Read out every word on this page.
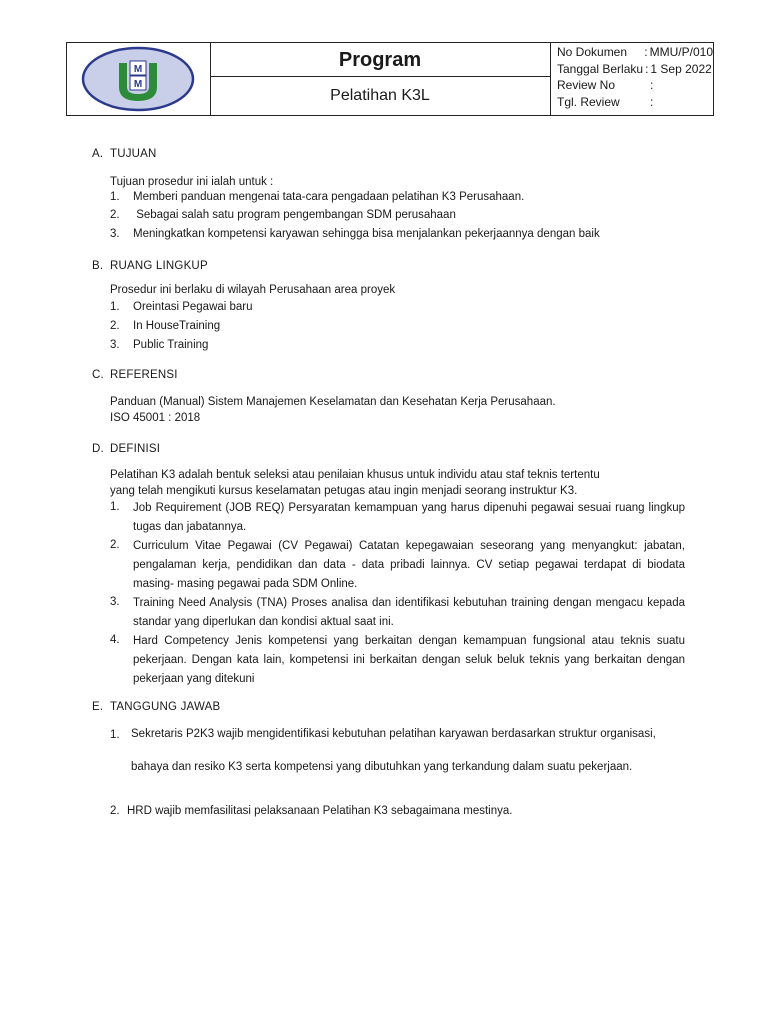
M
M
Program
Pelatihan K3L
No Dokumen	: MMU/P/010
Tanggal Berlaku : 1 Sep 2022
Review No	:
Tgl. Review	:
A. TUJUAN
Tujuan prosedur ini ialah untuk :
1. Memberi panduan mengenai tata-cara pengadaan pelatihan K3 Perusahaan.
2. Sebagai salah satu program pengembangan SDM perusahaan
3. Meningkatkan kompetensi karyawan sehingga bisa menjalankan pekerjaannya dengan baik
B. RUANG LINGKUP
Prosedur ini berlaku di wilayah Perusahaan area proyek
1. Oreintasi Pegawai baru
2. In HouseTraining
3. Public Training
C. REFERENSI
Panduan (Manual) Sistem Manajemen Keselamatan dan Kesehatan Kerja Perusahaan.
ISO 45001 : 2018
D. DEFINISI
Pelatihan K3 adalah bentuk seleksi atau penilaian khusus untuk individu atau staf teknis tertentu
yang telah mengikuti kursus keselamatan petugas atau ingin menjadi seorang instruktur K3.
1. Job Requirement (JOB REQ) Persyaratan kemampuan yang harus dipenuhi pegawai sesuai ruang lingkup tugas dan jabatannya.
2. Curriculum Vitae Pegawai (CV Pegawai) Catatan kepegawaian seseorang yang menyangkut: jabatan, pengalaman kerja, pendidikan dan data - data pribadi lainnya. CV setiap pegawai terdapat di biodata masing- masing pegawai pada SDM Online.
3. Training Need Analysis (TNA) Proses analisa dan identifikasi kebutuhan training dengan mengacu kepada standar yang diperlukan dan kondisi aktual saat ini.
4. Hard Competency Jenis kompetensi yang berkaitan dengan kemampuan fungsional atau teknis suatu pekerjaan. Dengan kata lain, kompetensi ini berkaitan dengan seluk beluk teknis yang berkaitan dengan pekerjaan yang ditekuni
E. TANGGUNG JAWAB
1. Sekretaris P2K3 wajib mengidentifikasi kebutuhan pelatihan karyawan berdasarkan struktur organisasi,
bahaya dan resiko K3 serta kompetensi yang dibutuhkan yang terkandung dalam suatu pekerjaan.
2. HRD wajib memfasilitasi pelaksanaan Pelatihan K3 sebagaimana mestinya.
